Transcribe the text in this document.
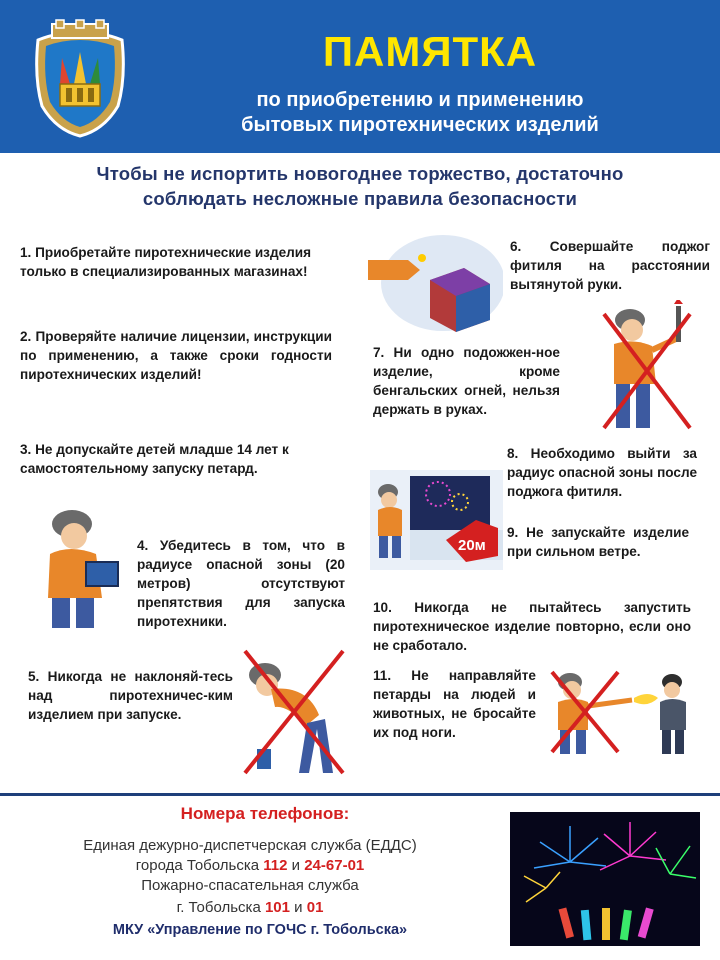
ПАМЯТКА
по приобретению и применению
бытовых пиротехнических изделий
Чтобы не испортить новогоднее торжество, достаточно
соблюдать несложные правила безопасности
1. Приобретайте пиротехнические изделия только в специализированных магазинах!
2. Проверяйте наличие лицензии, инструкции по применению, а также сроки годности пиротехнических изделий!
3. Не допускайте детей младше 14 лет к самостоятельному запуску петард.
4. Убедитесь в том, что в радиусе опасной зоны (20 метров) отсутствуют препятствия для запуска пиротехники.
5. Никогда не наклоняй-тесь над пиротехничес-ким изделием при запуске.
6. Совершайте поджог фитиля на расстоянии вытянутой руки.
7. Ни одно подожжен-ное изделие, кроме бенгальских огней, нельзя держать в руках.
8. Необходимо выйти за радиус опасной зоны после поджога фитиля.
9. Не запускайте изделие при сильном ветре.
10. Никогда не пытайтесь запустить пиротехническое изделие повторно, если оно не сработало.
11. Не направляйте петарды на людей и животных, не бросайте их под ноги.
20м
Номера телефонов:
Единая дежурно-диспетчерская служба (ЕДДС)
города Тобольска 112 и 24-67-01
Пожарно-спасательная служба
г. Тобольска 101 и 01
МКУ «Управление по ГОЧС г. Тобольска»
